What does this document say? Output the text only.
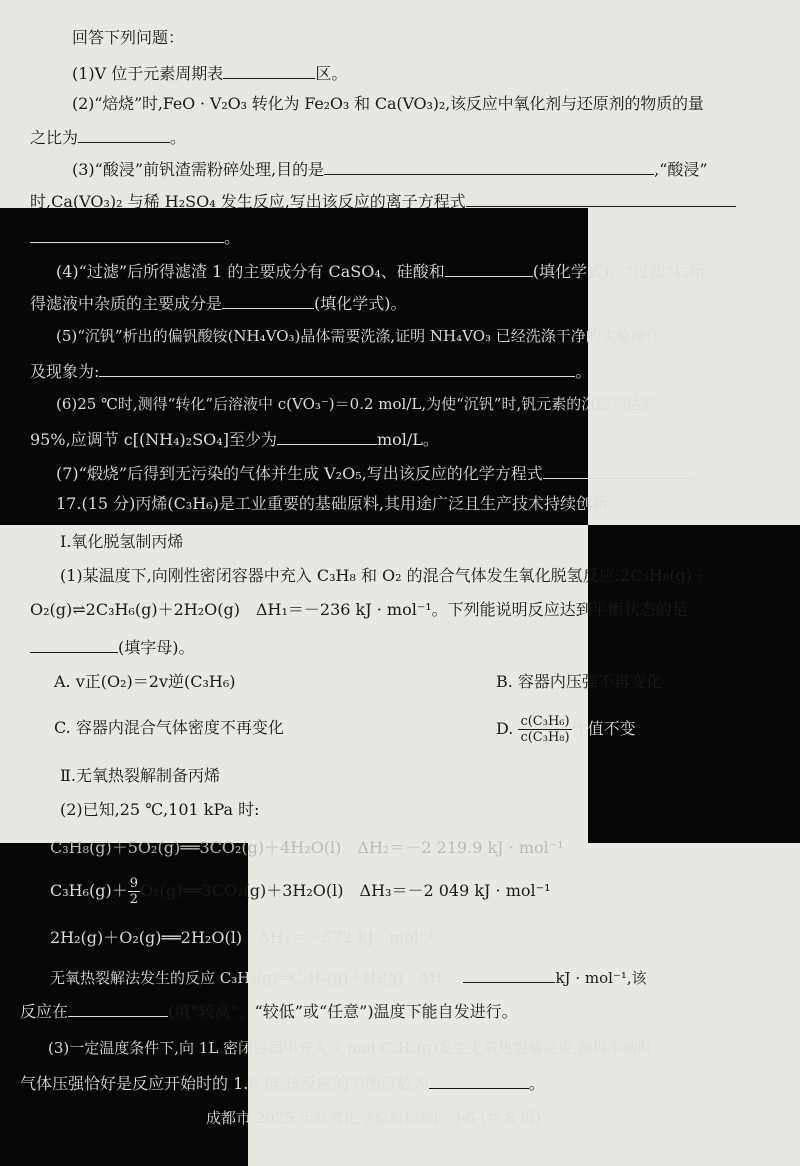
回答下列问题：
(1)V 位于元素周期表	区。
(2)“焙烧”时,FeO · V₂O₃ 转化为 Fe₂O₃ 和 Ca(VO₃)₂,该反应中氧化剂与还原剂的物质的量
之比为	。
(3)“酸浸”前钒渣需粉碎处理,目的是	,“酸浸”
时,Ca(VO₃)₂ 与稀 H₂SO₄ 发生反应,写出该反应的离子方程式
。
(4)“过滤”后所得滤渣 1 的主要成分有 CaSO₄、硅酸和	(填化学式)；“过滤”后所
得滤液中杂质的主要成分是	(填化学式)。
(5)“沉钒”析出的偏钒酸铵(NH₄VO₃)晶体需要洗涤,证明 NH₄VO₃ 已经洗涤干净的实验操作
及现象为:	。
(6)25 ℃时,测得“转化”后溶液中 c(VO₃⁻)＝0.2 mol/L,为使“沉钒”时,钒元素的沉淀率达到
95%,应调节 c[(NH₄)₂SO₄]至少为	mol/L。
(7)“煅烧”后得到无污染的气体并生成 V₂O₅,写出该反应的化学方程式	。
17.(15 分)丙烯(C₃H₆)是工业重要的基础原料,其用途广泛且生产技术持续创新。
Ⅰ.氧化脱氢制丙烯
(1)某温度下,向刚性密闭容器中充入 C₃H₈ 和 O₂ 的混合气体发生氧化脱氢反应:2C₃H₈(g)＋
O₂(g)⇌2C₃H₆(g)＋2H₂O(g)　ΔH₁＝－236 kJ · mol⁻¹。下列能说明反应达到平衡状态的是
(填字母)。
A. v正(O₂)＝2v逆(C₃H₆)	B. 容器内压强不再变化
C. 容器内混合气体密度不再变化	D. $\frac{\text{c(C₃H₆)}}{\text{c(C₃H₈)}}$ 比值不变
Ⅱ.无氧热裂解制备丙烯
(2)已知,25 ℃,101 kPa 时:
C₃H₈(g)＋5O₂(g)══3CO₂(g)＋4H₂O(l)　ΔH₂＝－2 219.9 kJ · mol⁻¹
$C_3H_6(g)+ \frac{9}{2}$ O₂(g)══3CO₂(g)＋3H₂O(l)　ΔH₃＝－2 049 kJ · mol⁻¹
2H₂(g)＋O₂(g)══2H₂O(l)　ΔH₄＝－572 kJ · mol⁻¹
无氧热裂解法发生的反应 C₃H₈(g)⇌C₃H₆(g)＋H₂(g)　ΔH₅＝	kJ · mol⁻¹,该
反应在	(填“较高”、“较低”或“任意”)温度下能自发进行。
(3)一定温度条件下,向 1L 密闭容器中充入 1 mol C₃H₈(g)发生无氧热裂解反应,测得平衡时
气体压强恰好是反应开始时的 1.6 倍,该反应的平衡常数为	。
成都市 2025 年高考化学模拟检测(二)-6-(共 8 页)
